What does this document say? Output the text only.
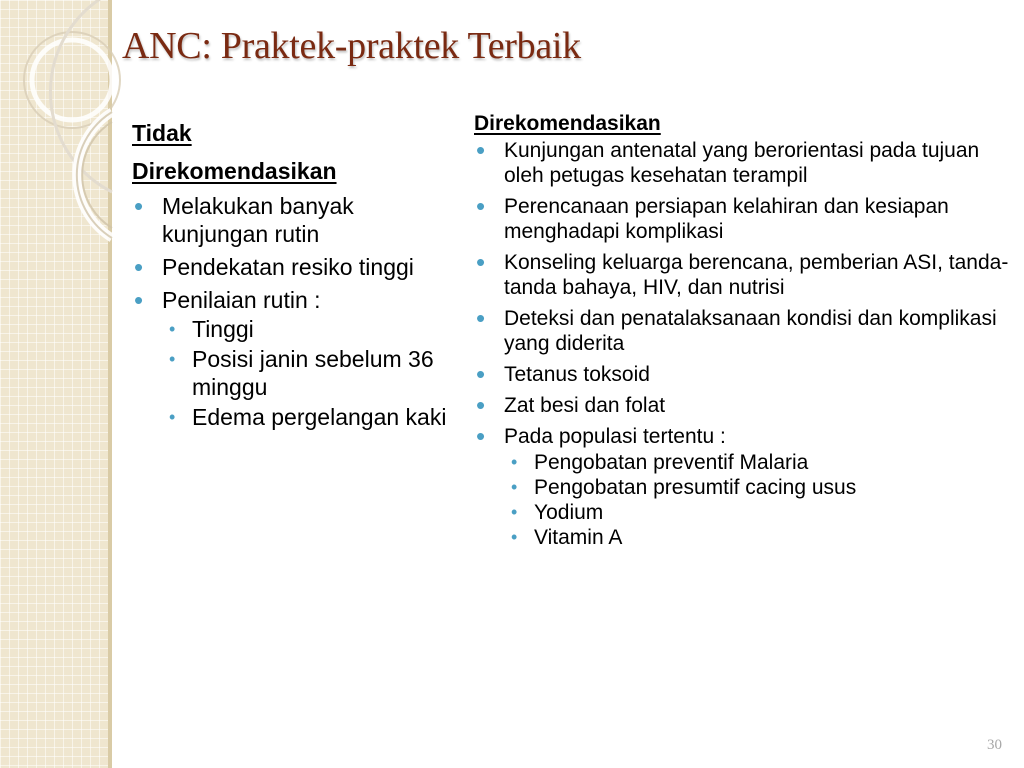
ANC: Praktek-praktek Terbaik
Tidak
Direkomendasikan
• Melakukan banyak kunjungan rutin
• Pendekatan resiko tinggi
• Penilaian rutin :
• Tinggi
• Posisi janin sebelum 36 minggu
• Edema pergelangan kaki
Direkomendasikan
• Kunjungan antenatal yang berorientasi pada tujuan oleh petugas kesehatan terampil
• Perencanaan persiapan kelahiran dan kesiapan menghadapi komplikasi
• Konseling keluarga berencana, pemberian ASI, tanda-tanda bahaya, HIV, dan nutrisi
• Deteksi dan penatalaksanaan kondisi dan komplikasi yang diderita
• Tetanus toksoid
• Zat besi dan folat
• Pada populasi tertentu :
• Pengobatan preventif Malaria
• Pengobatan presumtif cacing usus
• Yodium
• Vitamin A
30
